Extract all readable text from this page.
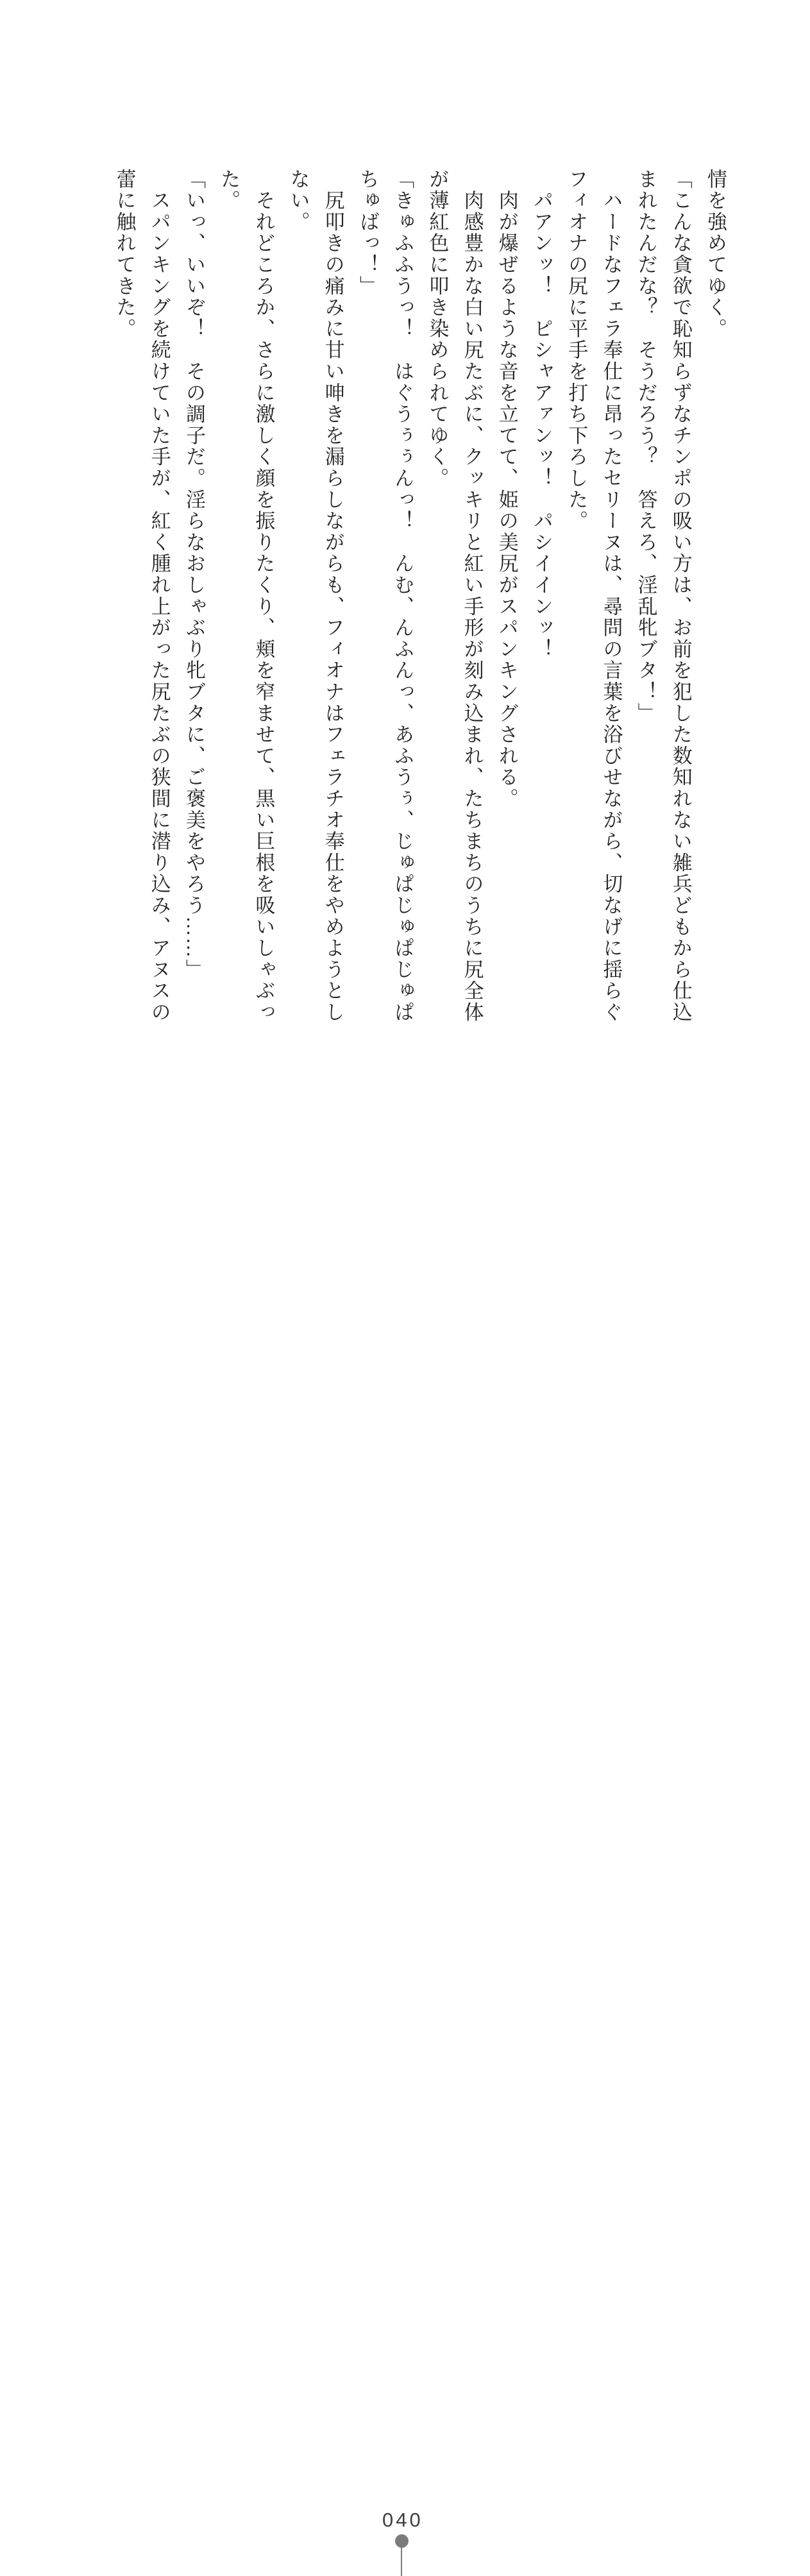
情を強めてゆく。

「こんな貪欲で恥知らずなチンポの吸い方は、お前を犯した数知れない雑兵どもから仕込

まれたんだな？　そうだろう？　答えろ、淫乱牝ブタ！」

　ハードなフェラ奉仕に昂ったセリーヌは、尋問の言葉を浴びせながら、切なげに揺らぐ

フィオナの尻に平手を打ち下ろした。

　パアンッ！　ピシャアァンッ！　パシイインッ！

　肉が爆ぜるような音を立てて、姫の美尻がスパンキングされる。

　肉感豊かな白い尻たぶに、クッキリと紅い手形が刻み込まれ、たちまちのうちに尻全体

が薄紅色に叩き染められてゆく。

「きゅふふうっ！　はぐうぅぅんっ！　んむ、んふんっ、あふうぅ、じゅぱじゅぱじゅぱ

ちゅばっ！」

　尻叩きの痛みに甘い呻きを漏らしながらも、フィオナはフェラチオ奉仕をやめようとし

ない。

　それどころか、さらに激しく顔を振りたくり、頬を窄ませて、黒い巨根を吸いしゃぶっ

た。

「いっ、いいぞ！　その調子だ。淫らなおしゃぶり牝ブタに、ご褒美をやろう……」

　スパンキングを続けていた手が、紅く腫れ上がった尻たぶの狭間に潜り込み、アヌスの

蕾に触れてきた。

040
